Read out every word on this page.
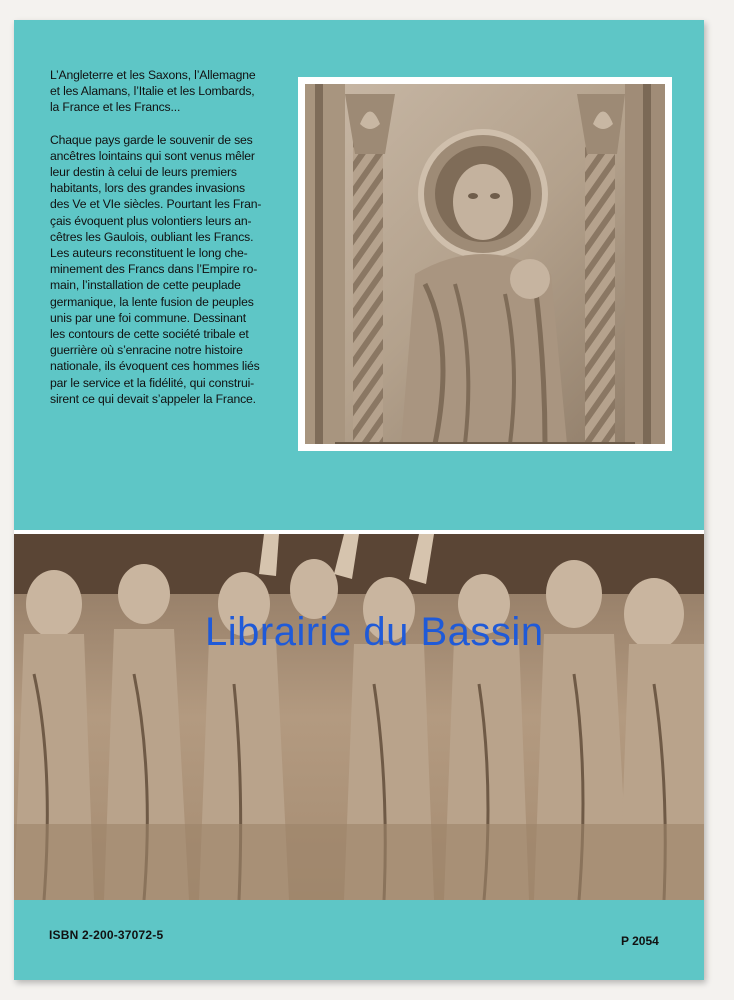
L’Angleterre et les Saxons, l’Allemagne
et les Alamans, l’Italie et les Lombards,
la France et les Francs...

Chaque pays garde le souvenir de ses
ancêtres lointains qui sont venus mêler
leur destin à celui de leurs premiers
habitants, lors des grandes invasions
des Ve et VIe siècles. Pourtant les Fran-
çais évoquent plus volontiers leurs an-
cêtres les Gaulois, oubliant les Francs.
Les auteurs reconstituent le long che-
minement des Francs dans l’Empire ro-
main, l’installation de cette peuplade
germanique, la lente fusion de peuples
unis par une foi commune. Dessinant
les contours de cette société tribale et
guerrière où s’enracine notre histoire
nationale, ils évoquent ces hommes liés
par le service et la fidélité, qui construi-
sirent ce qui devait s’appeler la France.

Librairie du Bassin
ISBN 2-200-37072-5	P 2054
